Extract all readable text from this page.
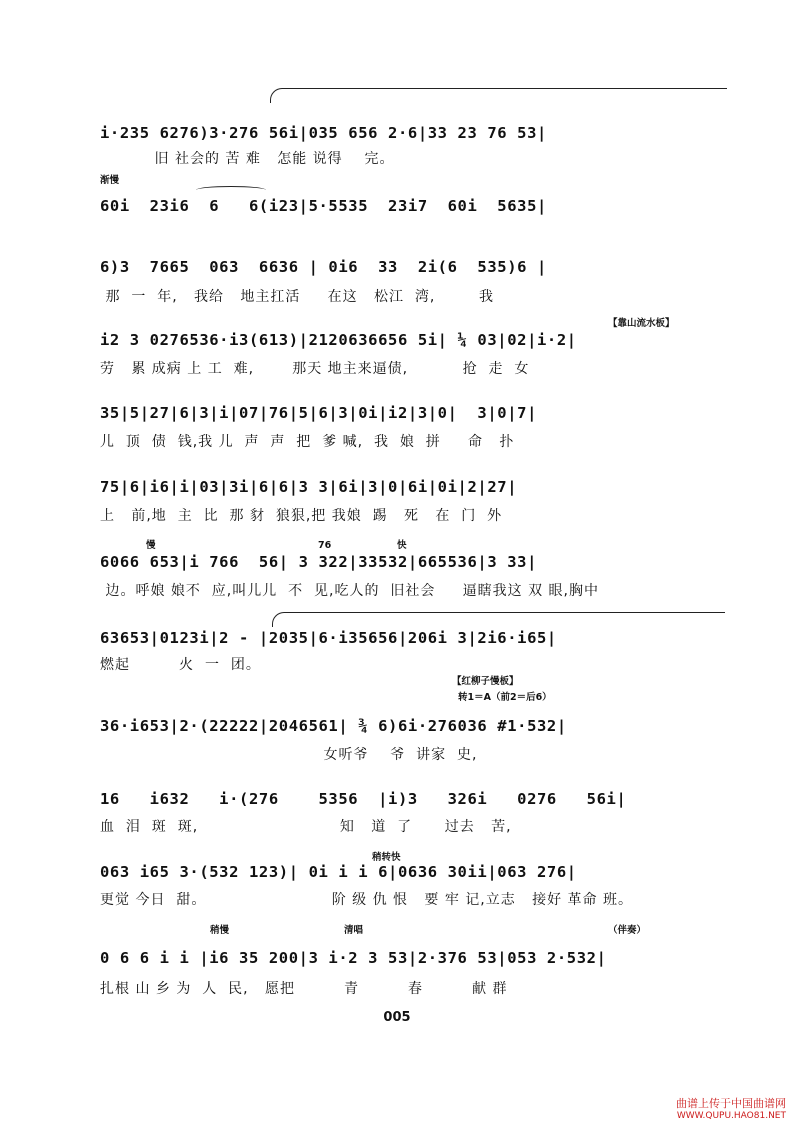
i·235 6276)3·276 56i|035 656 2·6|33 23 76 53|
旧 社会的 苦 难   怎能 说得    完。
渐慢
60i  23i6  6   6(i23|5·5535  23i7  60i  5635|
6)3  7665  063  6636 | 0i6  33  2i(6  535)6 |
那  一  年,   我给   地主扛活     在这   松江  湾,        我
【靠山流水板】
i2 3 0276536·i3(613)|2120636656 5i| ¼ 03|02|i·2|
劳   累 成病 上 工  难,       那天 地主来逼债,          抢  走  女
35|5|27|6|3|i|07|76|5|6|3|0i|i2|3|0|  3|0|7|
儿  顶  债  钱,我 儿  声  声  把  爹 喊,  我  娘  拼     命   扑
75|6|i6|i|03|3i|6|6|3 3|6i|3|0|6i|0i|2|27|
上   前,地  主  比  那 豺  狼狠,把 我娘  踢   死   在  门  外
慢	76	快
6066 653|i 766  56| 3 322|33532|665536|3 33|
边。呼娘 娘不  应,叫儿儿  不  见,吃人的  旧社会     逼瞎我这 双 眼,胸中
63653|0123i|2 - |2035|6·i35656|206i 3|2i6·i65|
燃起         火  一  团。
【红柳子慢板】
转1＝A（前2＝后6）
36·i653|2·(22222|2046561| ¾ 6)6i·276036 #1·532|
女听爷    爷  讲家  史,
16   i632   i·(276    5356  |i)3   326i   0276   56i|
血  泪  斑  斑,                          知   道  了      过去   苦,
稍转快
063 i65 3·(532 123)| 0i i i 6|0636 30ii|063 276|
更觉 今日  甜。                       阶 级 仇 恨   要 牢 记,立志   接好 革命 班。
稍慢	清唱	（伴奏）
0 6 6 i i |i6 35 200|3 i·2 3 53|2·376 53|053 2·532|
扎根 山 乡 为  人  民,   愿把         青         春         献 群
005
曲谱上传于中国曲谱网
WWW.QUPU.HAO81.NET
